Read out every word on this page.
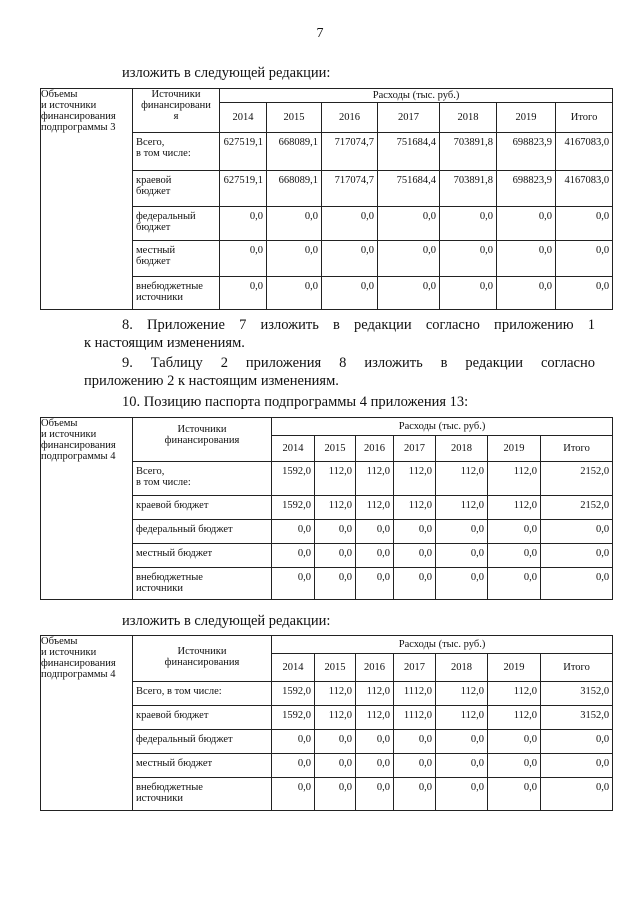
7
изложить в следующей редакции:
Объемы
и источники
финансирования
подпрограммы 3	Источники
финансировани
я	Расходы (тыс. руб.)						
		2014	2015	2016	2017	2018	2019	Итого
	Всего,
в том числе:	627519,1	668089,1	717074,7	751684,4	703891,8	698823,9	4167083,0
	краевой
бюджет	627519,1	668089,1	717074,7	751684,4	703891,8	698823,9	4167083,0
	федеральный
бюджет	0,0	0,0	0,0	0,0	0,0	0,0	0,0
	местный
бюджет	0,0	0,0	0,0	0,0	0,0	0,0	0,0
	внебюджетные
источники	0,0	0,0	0,0	0,0	0,0	0,0	0,0
8. Приложение 7 изложить в редакции согласно приложению 1
к настоящим изменениям.
9. Таблицу 2 приложения 8 изложить в редакции согласно
приложению 2 к настоящим изменениям.
10. Позицию паспорта подпрограммы 4 приложения 13:
Объемы
и источники
финансирования
подпрограммы 4	Источники
финансирования	Расходы (тыс. руб.)						
		2014	2015	2016	2017	2018	2019	Итого
	Всего,
в том числе:	1592,0	112,0	112,0	112,0	112,0	112,0	2152,0
	краевой бюджет	1592,0	112,0	112,0	112,0	112,0	112,0	2152,0
	федеральный бюджет	0,0	0,0	0,0	0,0	0,0	0,0	0,0
	местный бюджет	0,0	0,0	0,0	0,0	0,0	0,0	0,0
	внебюджетные
источники	0,0	0,0	0,0	0,0	0,0	0,0	0,0
изложить в следующей редакции:
Объемы
и источники
финансирования
подпрограммы 4	Источники
финансирования	Расходы (тыс. руб.)						
		2014	2015	2016	2017	2018	2019	Итого
	Всего, в том числе:	1592,0	112,0	112,0	1112,0	112,0	112,0	3152,0
	краевой бюджет	1592,0	112,0	112,0	1112,0	112,0	112,0	3152,0
	федеральный бюджет	0,0	0,0	0,0	0,0	0,0	0,0	0,0
	местный бюджет	0,0	0,0	0,0	0,0	0,0	0,0	0,0
	внебюджетные
источники	0,0	0,0	0,0	0,0	0,0	0,0	0,0
